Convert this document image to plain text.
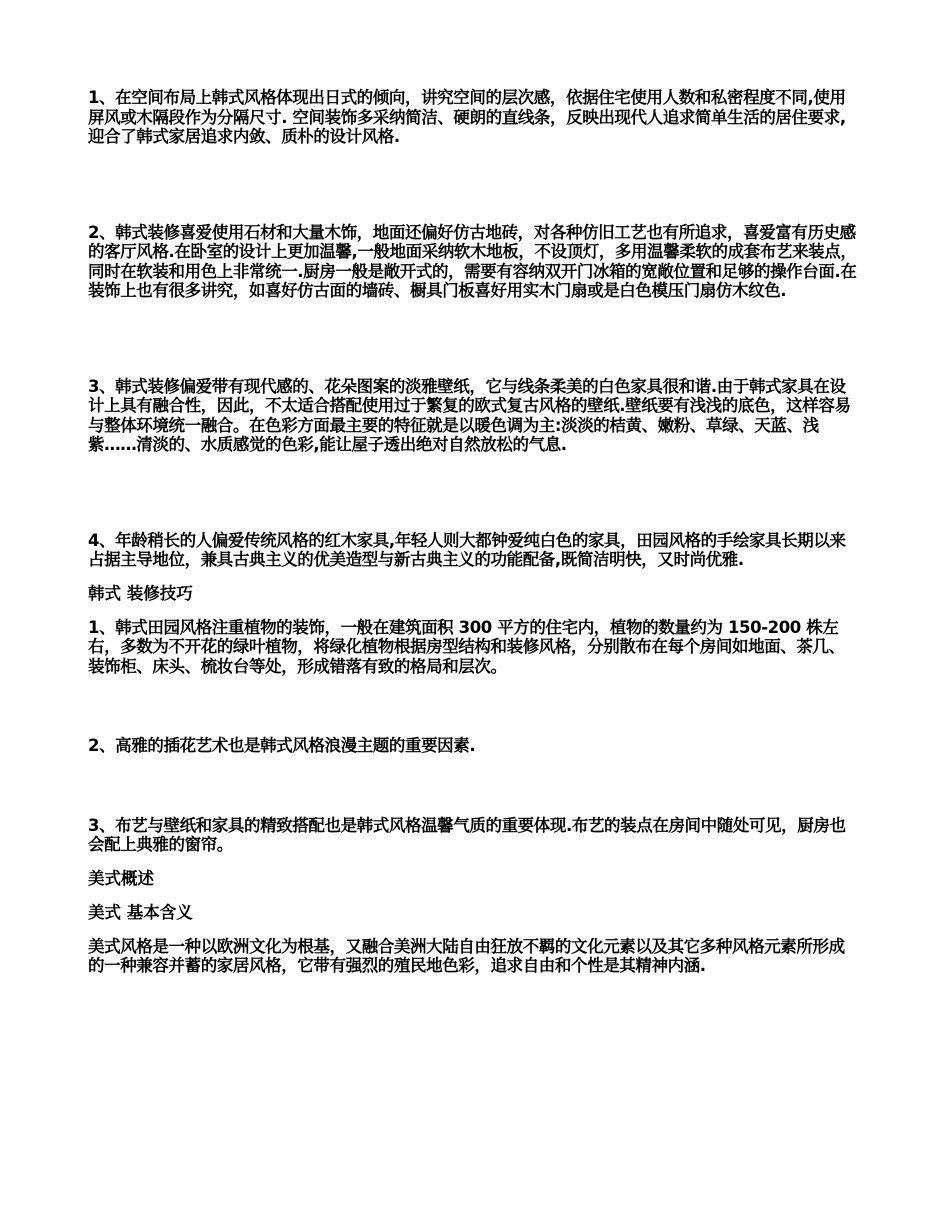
1、在空间布局上韩式风格体现出日式的倾向，讲究空间的层次感，依据住宅使用人数和私密程度不同,使用屏风或木隔段作为分隔尺寸. 空间装饰多采纳简洁、硬朗的直线条，反映出现代人追求简单生活的居住要求,迎合了韩式家居追求内敛、质朴的设计风格.

2、韩式装修喜爱使用石材和大量木饰，地面还偏好仿古地砖，对各种仿旧工艺也有所追求，喜爱富有历史感的客厅风格.在卧室的设计上更加温馨,一般地面采纳软木地板，不设顶灯，多用温馨柔软的成套布艺来装点，同时在软装和用色上非常统一.厨房一般是敞开式的，需要有容纳双开门冰箱的宽敞位置和足够的操作台面.在装饰上也有很多讲究，如喜好仿古面的墙砖、橱具门板喜好用实木门扇或是白色模压门扇仿木纹色.

3、韩式装修偏爱带有现代感的、花朵图案的淡雅壁纸，它与线条柔美的白色家具很和谐.由于韩式家具在设计上具有融合性，因此，不太适合搭配使用过于繁复的欧式复古风格的壁纸.壁纸要有浅浅的底色，这样容易与整体环境统一融合。在色彩方面最主要的特征就是以暖色调为主:淡淡的桔黄、嫩粉、草绿、天蓝、浅紫……清淡的、水质感觉的色彩,能让屋子透出绝对自然放松的气息.

4、年龄稍长的人偏爱传统风格的红木家具,年轻人则大都钟爱纯白色的家具，田园风格的手绘家具长期以来占据主导地位，兼具古典主义的优美造型与新古典主义的功能配备,既简洁明快，又时尚优雅.

韩式 装修技巧

1、韩式田园风格注重植物的装饰，一般在建筑面积 300 平方的住宅内，植物的数量约为 150-200 株左右，多数为不开花的绿叶植物，将绿化植物根据房型结构和装修风格，分别散布在每个房间如地面、茶几、装饰柜、床头、梳妆台等处，形成错落有致的格局和层次。

2、高雅的插花艺术也是韩式风格浪漫主题的重要因素.

3、布艺与壁纸和家具的精致搭配也是韩式风格温馨气质的重要体现.布艺的装点在房间中随处可见，厨房也会配上典雅的窗帘。

美式概述

美式 基本含义

美式风格是一种以欧洲文化为根基，又融合美洲大陆自由狂放不羁的文化元素以及其它多种风格元素所形成的一种兼容并蓄的家居风格，它带有强烈的殖民地色彩，追求自由和个性是其精神内涵.
